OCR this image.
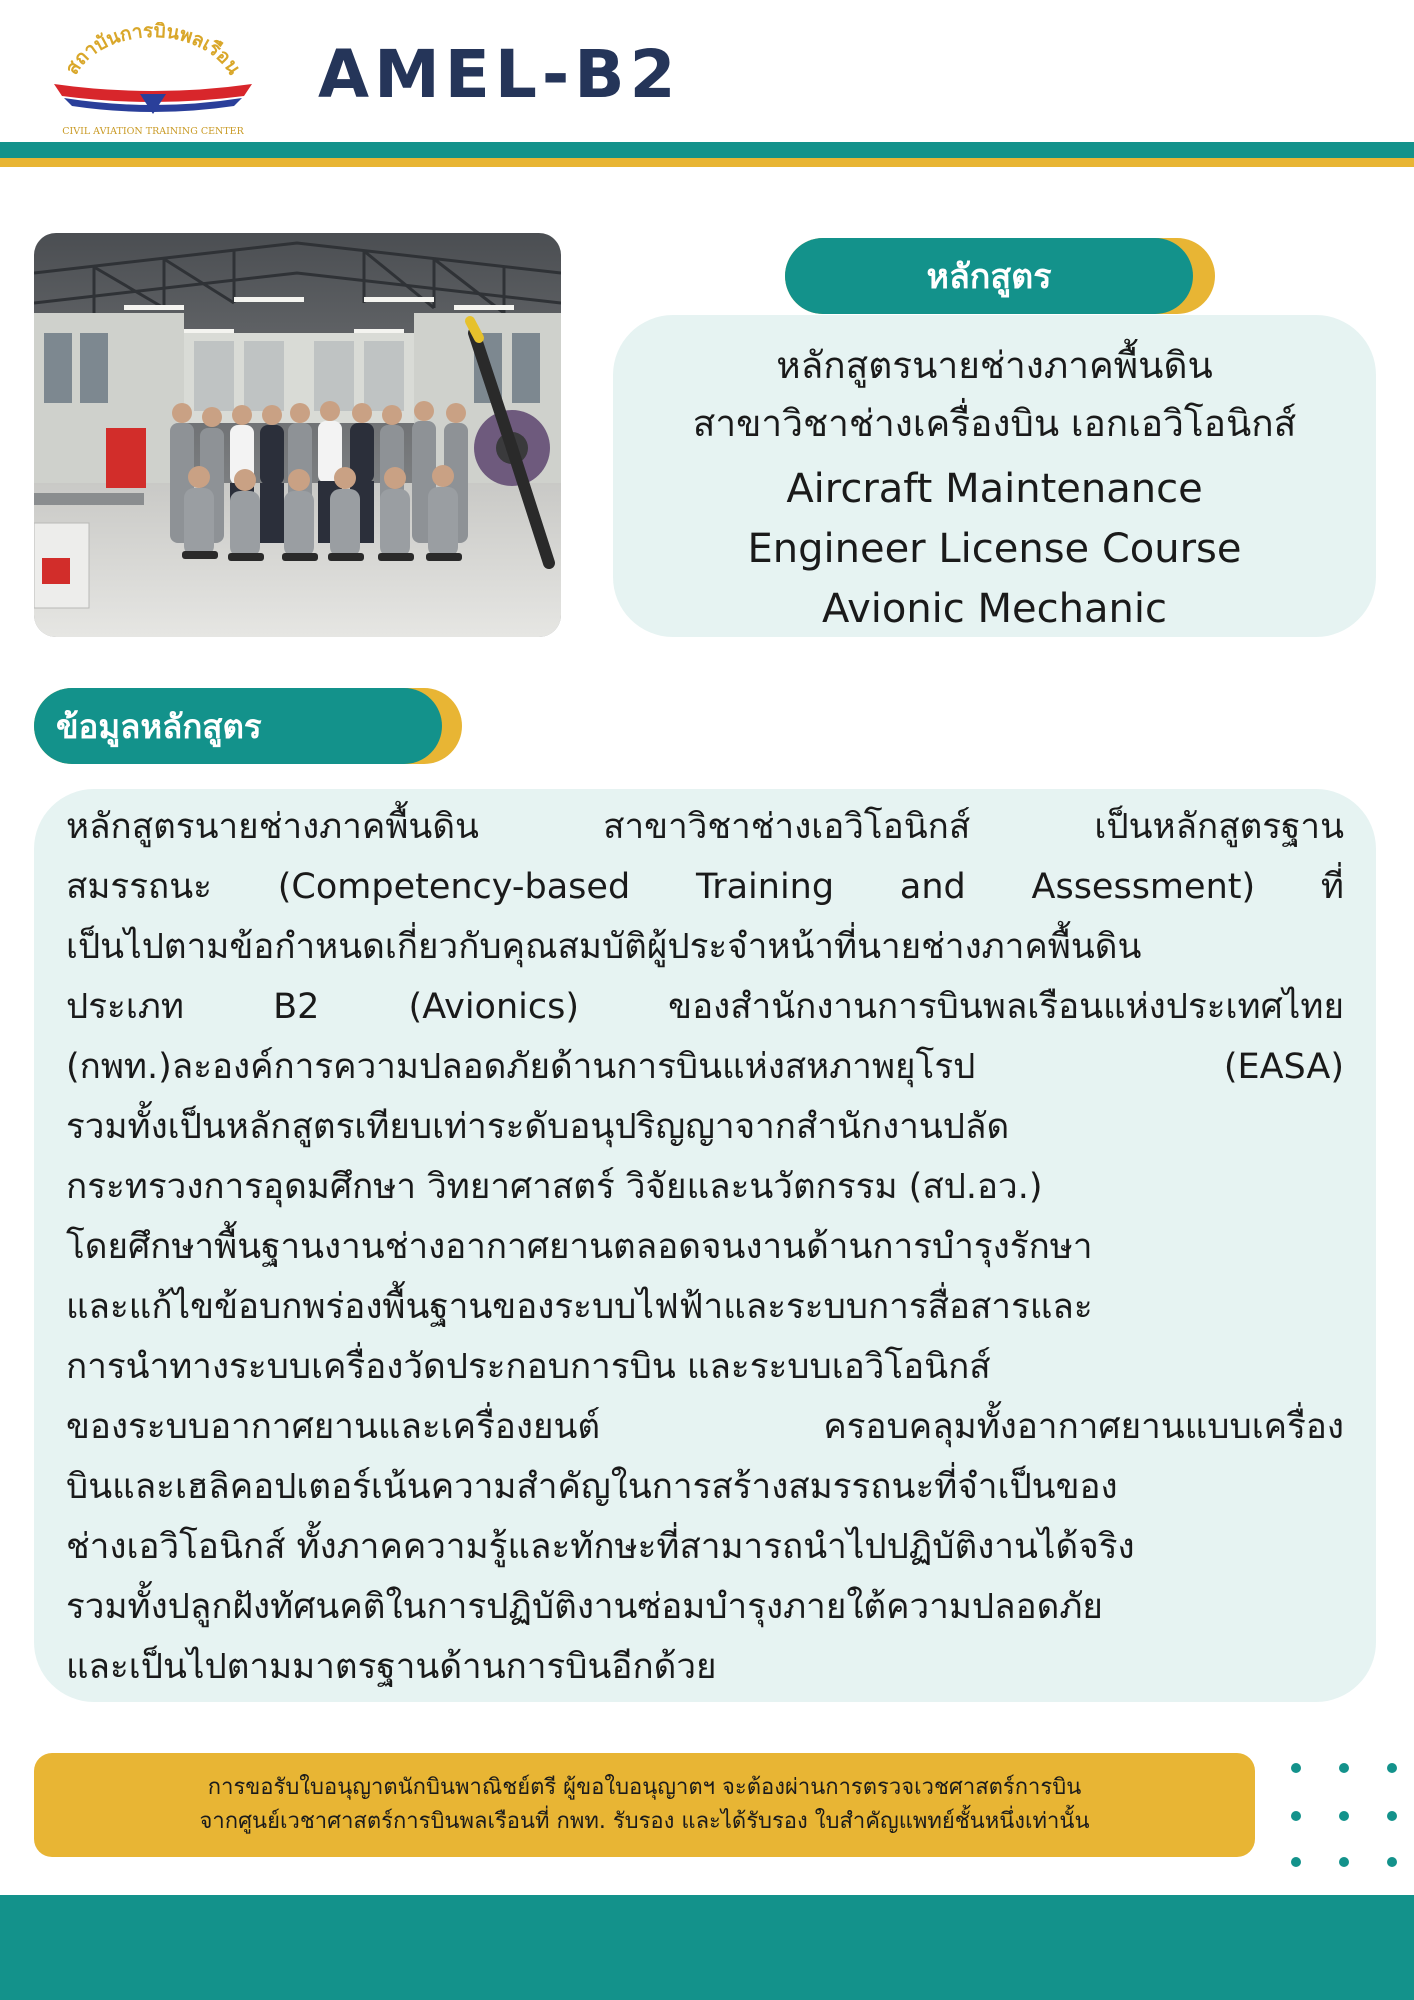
สถาบันการบินพลเรือน
CIVIL AVIATION TRAINING CENTER
AMEL-B2
หลักสูตร
หลักสูตรนายช่างภาคพื้นดิน
สาขาวิชาช่างเครื่องบิน เอกเอวิโอนิกส์
Aircraft Maintenance
Engineer License Course
Avionic Mechanic
ข้อมูลหลักสูตร
หลักสูตรนายช่างภาคพื้นดิน สาขาวิชาช่างเอวิโอนิกส์ เป็นหลักสูตรฐาน
สมรรถนะ (Competency-based Training and Assessment) ที่
เป็นไปตามข้อกำหนดเกี่ยวกับคุณสมบัติผู้ประจำหน้าที่นายช่างภาคพื้นดิน
ประเภท B2 (Avionics) ของสำนักงานการบินพลเรือนแห่งประเทศไทย
(กพท.)ละองค์การความปลอดภัยด้านการบินแห่งสหภาพยุโรป (EASA)
รวมทั้งเป็นหลักสูตรเทียบเท่าระดับอนุปริญญาจากสำนักงานปลัด
กระทรวงการอุดมศึกษา วิทยาศาสตร์ วิจัยและนวัตกรรม (สป.อว.)
โดยศึกษาพื้นฐานงานช่างอากาศยานตลอดจนงานด้านการบำรุงรักษา
และแก้ไขข้อบกพร่องพื้นฐานของระบบไฟฟ้าและระบบการสื่อสารและ
การนำทางระบบเครื่องวัดประกอบการบิน และระบบเอวิโอนิกส์
ของระบบอากาศยานและเครื่องยนต์ ครอบคลุมทั้งอากาศยานแบบเครื่อง
บินและเฮลิคอปเตอร์เน้นความสำคัญในการสร้างสมรรถนะที่จำเป็นของ
ช่างเอวิโอนิกส์ ทั้งภาคความรู้และทักษะที่สามารถนำไปปฏิบัติงานได้จริง
รวมทั้งปลูกฝังทัศนคติในการปฏิบัติงานซ่อมบำรุงภายใต้ความปลอดภัย
และเป็นไปตามมาตรฐานด้านการบินอีกด้วย
การขอรับใบอนุญาตนักบินพาณิชย์ตรี ผู้ขอใบอนุญาตฯ จะต้องผ่านการตรวจเวชศาสตร์การบิน
จากศูนย์เวชาศาสตร์การบินพลเรือนที่ กพท. รับรอง และได้รับรอง ใบสำคัญแพทย์ชั้นหนึ่งเท่านั้น
